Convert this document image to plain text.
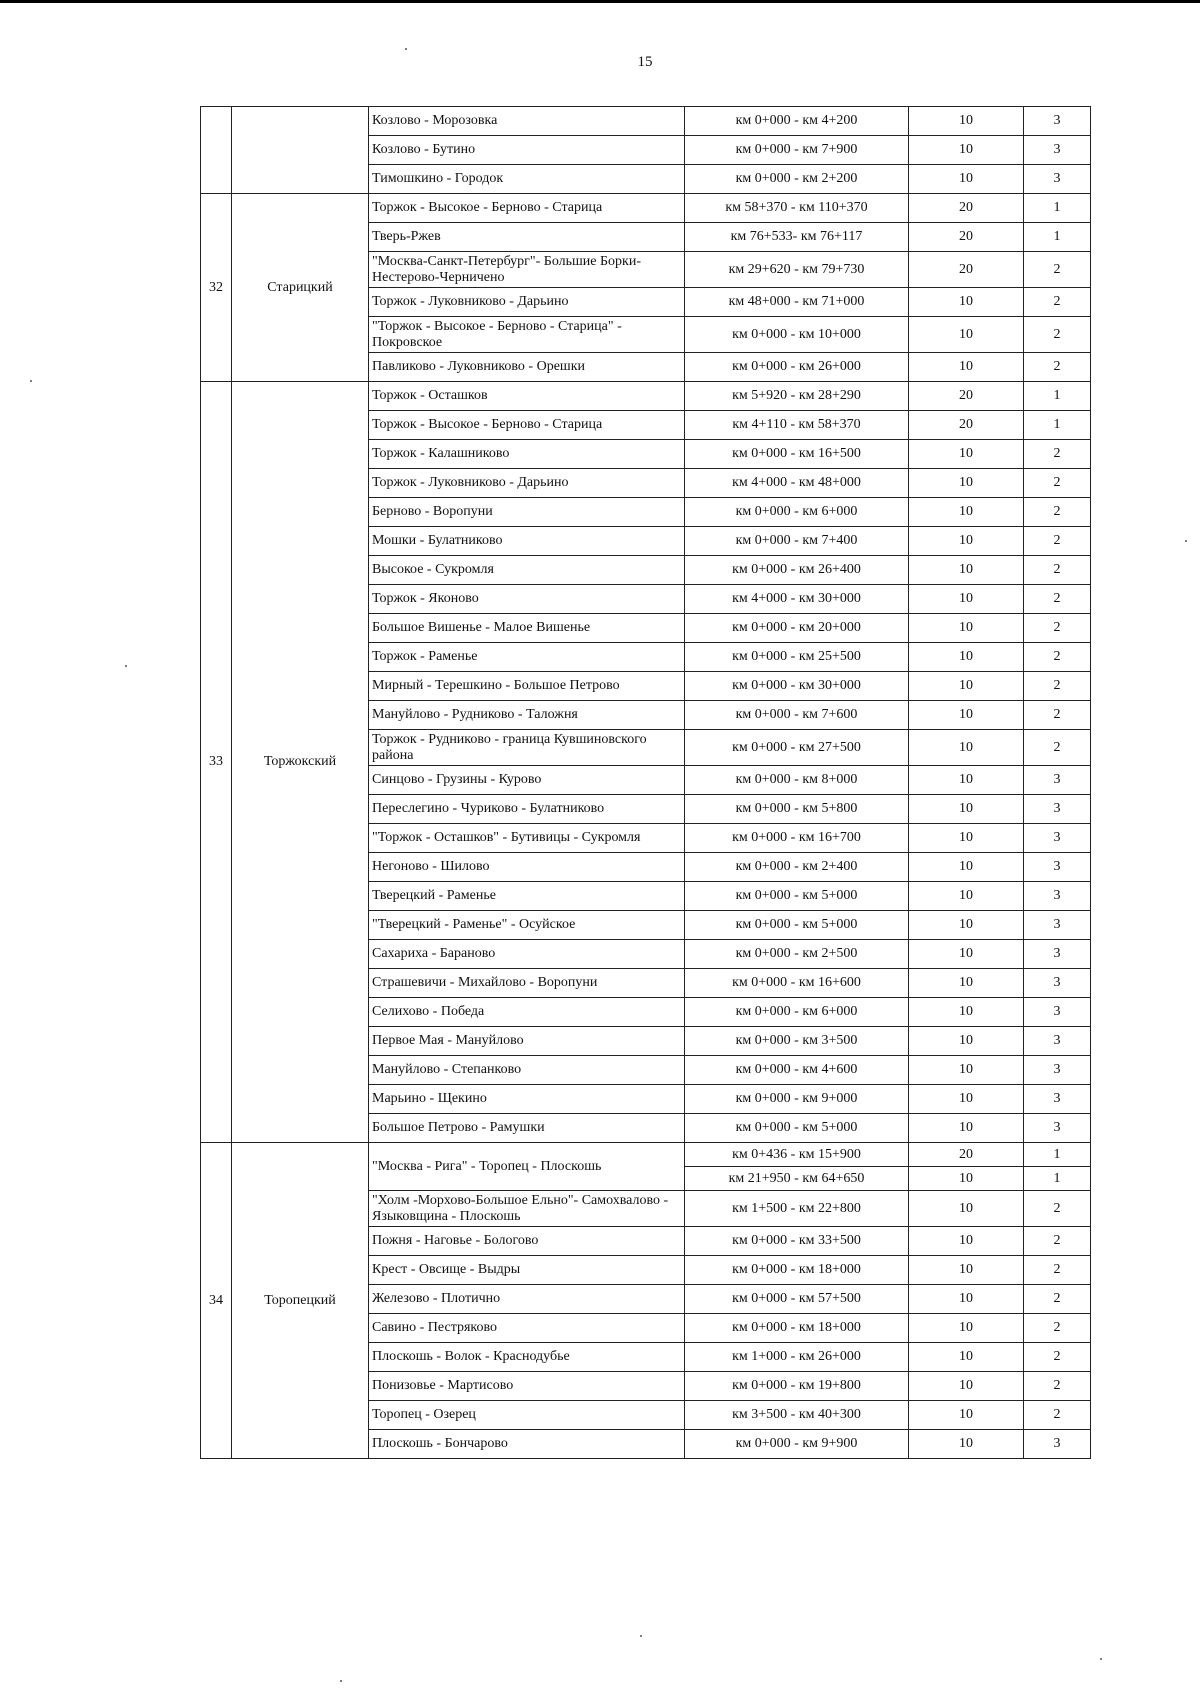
15
		Козлово - Морозовка	км 0+000 - км 4+200	10	3
		Козлово - Бутино	км 0+000 - км 7+900	10	3
		Тимошкино - Городок	км 0+000 - км 2+200	10	3
32	Старицкий	Торжок - Высокое - Берново - Старица	км 58+370 - км 110+370	20	1
		Тверь-Ржев	км 76+533- км 76+117	20	1
		"Москва-Санкт-Петербург"- Большие Борки-Нестерово-Черничено	км 29+620 - км 79+730	20	2
		Торжок - Луковниково - Дарьино	км 48+000 - км 71+000	10	2
		"Торжок - Высокое - Берново - Старица" - Покровское	км 0+000 - км 10+000	10	2
		Павликово - Луковниково - Орешки	км 0+000 - км 26+000	10	2
33	Торжокский	Торжок - Осташков	км 5+920 - км 28+290	20	1
		Торжок - Высокое - Берново - Старица	км 4+110 - км 58+370	20	1
		Торжок - Калашниково	км 0+000 - км 16+500	10	2
		Торжок - Луковниково - Дарьино	км 4+000 - км 48+000	10	2
		Берново - Воропуни	км 0+000 - км 6+000	10	2
		Мошки - Булатниково	км 0+000 - км 7+400	10	2
		Высокое - Сукромля	км 0+000 - км 26+400	10	2
		Торжок - Яконово	км 4+000 - км 30+000	10	2
		Большое Вишенье - Малое Вишенье	км 0+000 - км 20+000	10	2
		Торжок - Раменье	км 0+000 - км 25+500	10	2
		Мирный - Терешкино - Большое Петрово	км 0+000 - км 30+000	10	2
		Мануйлово - Рудниково - Таложня	км 0+000 - км 7+600	10	2
		Торжок - Рудниково - граница Кувшиновского района	км 0+000 - км 27+500	10	2
		Синцово - Грузины - Курово	км 0+000 - км 8+000	10	3
		Переслегино - Чуриково - Булатниково	км 0+000 - км 5+800	10	3
		"Торжок - Осташков" - Бутивицы - Сукромля	км 0+000 - км 16+700	10	3
		Негоново - Шилово	км 0+000 - км 2+400	10	3
		Тверецкий - Раменье	км 0+000 - км 5+000	10	3
		"Тверецкий - Раменье" - Осуйское	км 0+000 - км 5+000	10	3
		Сахариха - Бараново	км 0+000 - км 2+500	10	3
		Страшевичи - Михайлово - Воропуни	км 0+000 - км 16+600	10	3
		Селихово - Победа	км 0+000 - км 6+000	10	3
		Первое Мая - Мануйлово	км 0+000 - км 3+500	10	3
		Мануйлово - Степанково	км 0+000 - км 4+600	10	3
		Марьино - Щекино	км 0+000 - км 9+000	10	3
		Большое Петрово - Рамушки	км 0+000 - км 5+000	10	3
34	Торопецкий	"Москва - Рига" - Торопец - Плоскошь	км 0+436 - км 15+900	20	1
			км 21+950 - км 64+650	10	1
		"Холм -Морхово-Большое Ельно"- Самохвалово - Языковщина - Плоскошь	км 1+500 - км 22+800	10	2
		Пожня - Наговье - Бологово	км 0+000 - км 33+500	10	2
		Крест - Овсище - Выдры	км 0+000 - км 18+000	10	2
		Железово - Плотично	км 0+000 - км 57+500	10	2
		Савино - Пестряково	км 0+000 - км 18+000	10	2
		Плоскошь - Волок - Краснодубье	км 1+000 - км 26+000	10	2
		Понизовье - Мартисово	км 0+000 - км 19+800	10	2
		Торопец - Озерец	км 3+500 - км 40+300	10	2
		Плоскошь - Бончарово	км 0+000 - км 9+900	10	3
